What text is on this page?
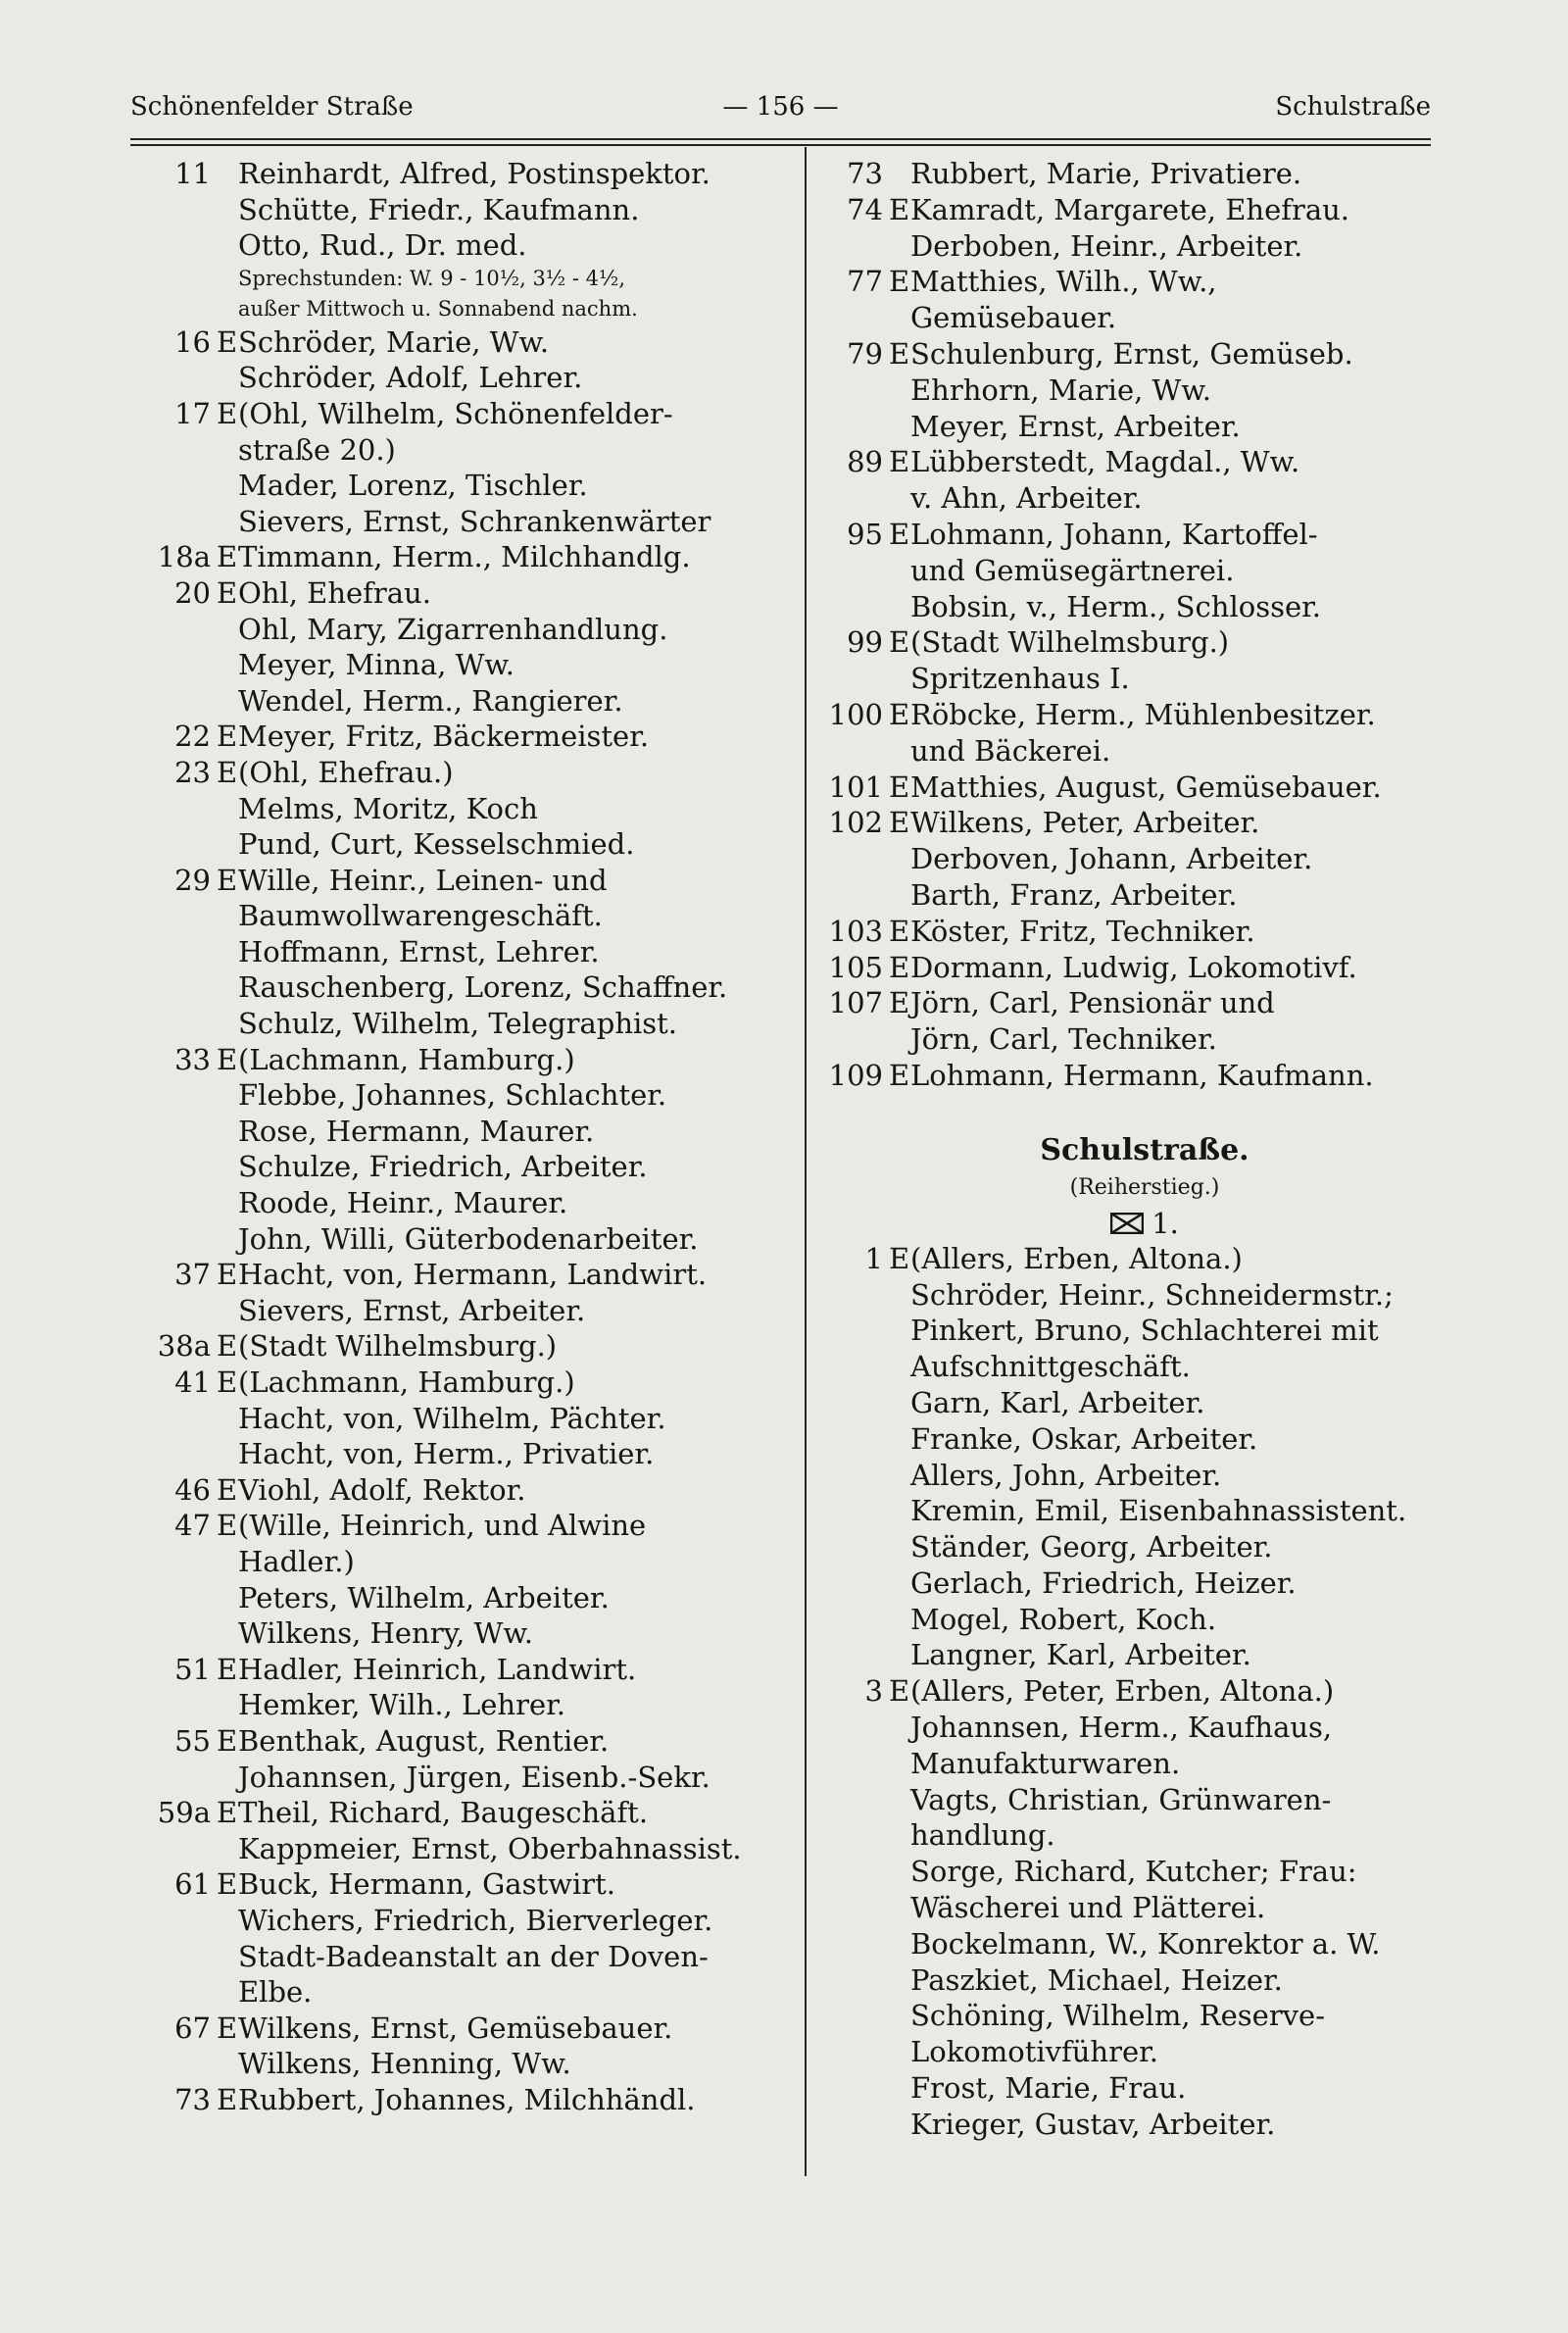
Schönenfelder Straße	— 156 —	Schulstraße
11 Reinhardt, Alfred, Postinspektor.
Schütte, Friedr., Kaufmann.
Otto, Rud., Dr. med.
Sprechstunden: W. 9 - 10½, 3½ - 4½,
außer Mittwoch u. Sonnabend nachm.
16 E Schröder, Marie, Ww.
Schröder, Adolf, Lehrer.
17 E (Ohl, Wilhelm, Schönenfelder-
straße 20.)
Mader, Lorenz, Tischler.
Sievers, Ernst, Schrankenwärter
18a E Timmann, Herm., Milchhandlg.
20 E Ohl, Ehefrau.
Ohl, Mary, Zigarrenhandlung.
Meyer, Minna, Ww.
Wendel, Herm., Rangierer.
22 E Meyer, Fritz, Bäckermeister.
23 E (Ohl, Ehefrau.)
Melms, Moritz, Koch
Pund, Curt, Kesselschmied.
29 E Wille, Heinr., Leinen- und
Baumwollwarengeschäft.
Hoffmann, Ernst, Lehrer.
Rauschenberg, Lorenz, Schaffner.
Schulz, Wilhelm, Telegraphist.
33 E (Lachmann, Hamburg.)
Flebbe, Johannes, Schlachter.
Rose, Hermann, Maurer.
Schulze, Friedrich, Arbeiter.
Roode, Heinr., Maurer.
John, Willi, Güterbodenarbeiter.
37 E Hacht, von, Hermann, Landwirt.
Sievers, Ernst, Arbeiter.
38a E (Stadt Wilhelmsburg.)
41 E (Lachmann, Hamburg.)
Hacht, von, Wilhelm, Pächter.
Hacht, von, Herm., Privatier.
46 E Viohl, Adolf, Rektor.
47 E (Wille, Heinrich, und Alwine
Hadler.)
Peters, Wilhelm, Arbeiter.
Wilkens, Henry, Ww.
51 E Hadler, Heinrich, Landwirt.
Hemker, Wilh., Lehrer.
55 E Benthak, August, Rentier.
Johannsen, Jürgen, Eisenb.-Sekr.
59a E Theil, Richard, Baugeschäft.
Kappmeier, Ernst, Oberbahnassist.
61 E Buck, Hermann, Gastwirt.
Wichers, Friedrich, Bierverleger.
Stadt-Badeanstalt an der Doven-
Elbe.
67 E Wilkens, Ernst, Gemüsebauer.
Wilkens, Henning, Ww.
73 E Rubbert, Johannes, Milchhändl.
73 Rubbert, Marie, Privatiere.
74 E Kamradt, Margarete, Ehefrau.
Derboben, Heinr., Arbeiter.
77 E Matthies, Wilh., Ww.,
Gemüsebauer.
79 E Schulenburg, Ernst, Gemüseb.
Ehrhorn, Marie, Ww.
Meyer, Ernst, Arbeiter.
89 E Lübberstedt, Magdal., Ww.
v. Ahn, Arbeiter.
95 E Lohmann, Johann, Kartoffel-
und Gemüsegärtnerei.
Bobsin, v., Herm., Schlosser.
99 E (Stadt Wilhelmsburg.)
Spritzenhaus I.
100 E Röbcke, Herm., Mühlenbesitzer.
und Bäckerei.
101 E Matthies, August, Gemüsebauer.
102 E Wilkens, Peter, Arbeiter.
Derboven, Johann, Arbeiter.
Barth, Franz, Arbeiter.
103 E Köster, Fritz, Techniker.
105 E Dormann, Ludwig, Lokomotivf.
107 E Jörn, Carl, Pensionär und
Jörn, Carl, Techniker.
109 E Lohmann, Hermann, Kaufmann.
Schulstraße.
(Reiherstieg.)
1.
1 E (Allers, Erben, Altona.)
Schröder, Heinr., Schneidermstr.;
Pinkert, Bruno, Schlachterei mit
Aufschnittgeschäft.
Garn, Karl, Arbeiter.
Franke, Oskar, Arbeiter.
Allers, John, Arbeiter.
Kremin, Emil, Eisenbahnassistent.
Ständer, Georg, Arbeiter.
Gerlach, Friedrich, Heizer.
Mogel, Robert, Koch.
Langner, Karl, Arbeiter.
3 E (Allers, Peter, Erben, Altona.)
Johannsen, Herm., Kaufhaus,
Manufakturwaren.
Vagts, Christian, Grünwaren-
handlung.
Sorge, Richard, Kutcher; Frau:
Wäscherei und Plätterei.
Bockelmann, W., Konrektor a. W.
Paszkiet, Michael, Heizer.
Schöning, Wilhelm, Reserve-
Lokomotivführer.
Frost, Marie, Frau.
Krieger, Gustav, Arbeiter.
